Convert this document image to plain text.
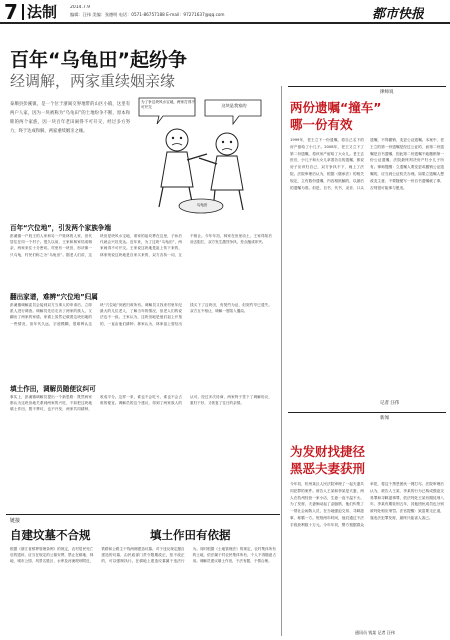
7 法制	2014.7.9
编辑：汪伟 美编：张德明 电话：0571-86757188 E-mail：97271637@qq.com	都市快报
百年“乌龟田”起纷争
经调解，两家重续姻亲缘
泰顺县彭溪镇，是一个位于浙闽交界地带的山区小镇，这里有两户人家，因为一块被称为“乌龟田”的土地纷争不断，原本和睦的两个家族，因一块百年老田闹得不可开交，经过多方努力，终于达成和解，两家重续姻亲之缘。
为了争这块风水宝地，两家打得不可开交	这块是我家的
乌龟田
百年“穴位地”，引发两个家族争端
彭溪镇一户姓王的人家和另一户姓林的人家，世代居住在同一个村子。很久以前，王家和林家结成姻亲，两家来往十分密切。村里有一块田，形状像一只乌龟，村民们称之为“乌龟田”。据老人们讲，这块田是块风水宝地，谁家的祖坟葬在这里，子孙后代就会兴旺发达。近年来，为了这块“乌龟田”，两家闹得不可开交。王家说这块地是祖上传下来的，林家则说这块地是自家买来的，双方各执一词，互不相让。今年年初，林家在田里动土，王家得知后前去阻拦，双方发生激烈争执，差点酿成冲突。
翻出家谱，难辨“穴位地”归属
彭溪镇调解委员会接到双方当事人的申请后，立即派人进行调查。调解员先后走访了两家的族人，又翻出了两家的家谱。家谱上虽然记载着这块田地的一些情况，但年代久远，字迹模糊，很难辨认这块“穴位地”到底归谁所有。调解员又找来村里年纪最大的几位老人，了解当年的情况，但老人们的说法也不一致。王家认为，这块田地是他们祖上开垦的，一直由他们耕种；林家认为，林家祖上曾经出钱买下了这块田，有契约为证，但契约早已遗失。双方互不相让，调解一度陷入僵局。
填土作田，调解员随便议纠可
事实上，彭溪镇调解员提出一个新思路：既然两家都认为这块田地关系到两家的兴旺，不如把这块地填土作田，既不葬坟，也不开发，两家共同耕种，收成平分。这样一来，谁也不会吃亏，谁也不会占谁的便宜。调解员的这个建议，得到了两家族人的认可。经过多次协商，两家终于签下了调解协议，重归于好，又恢复了往日的亲情。
链接
自建坟墓不合规	填土作田有依据
根据《浙江省殡葬管理条例》的规定，农村居民死亡后的遗体，应当在规定的公墓安葬，禁止在耕地、林地、城市公园、风景名胜区、水库及河流堤坝附近、铁路和公路主干线两侧建造坟墓。对于违反规定擅自建造的坟墓，由民政部门责令限期改正，拒不改正的，可以强制执行。在耕地上建造坟墓属于违法行为。同时根据《土地管理法》的规定，农村集体所有的土地，依法属于村农民集体所有，个人不得随意占用。调解员建议填土作田，于法有据，于情合理。
律师说
两份遗嘱“撞车”
哪一份有效
1999年，老王立下一份遗嘱，将自己名下的房产留给了小儿子。2008年，老王又立下了第二份遗嘱，将该房产留给了大女儿。老王去世后，小儿子和大女儿拿着各自的遗嘱，都说房子应该归自己，双方争执不下，闹上了法院。法院审理后认为，根据《继承法》的相关规定，立有数份遗嘱，内容相抵触的，以最后的遗嘱为准。但是，自书、代书、录音、口头遗嘱，不得撤销、变更公证遗嘱。本案中，老王立的第一份遗嘱是经过公证的，而第二份遗嘱是自书遗嘱，因此第二份遗嘱不能撤销第一份公证遗嘱，法院最终判决房产归小儿子所有。律师提醒：立遗嘱人要变更或撤销公证遗嘱的，应当到公证机关办理。如果立遗嘱人想改变主意，不要随便写一份自书遗嘱就了事，否则很可能事与愿违。
记者 汪伟
新闻
为发财找捷径
黑恶夫妻获刑
今年初，杭州某区人民法院审理了一起夫妻共同犯罪的案件。被告人王某和李某是夫妻，两人在杭州经营一家小店，生意一直不温不火。为了发财，夫妻俩动起了歪脑筋，他们纠集了一帮社会闲散人员，在当地强迫交易、寻衅滋事，称霸一方。短短两年时间，他们通过不法手段获利数十万元。今年年初，警方根据群众举报，将这个黑恶团伙一网打尽。法院审理后认为，被告人王某、李某的行为已构成强迫交易罪和寻衅滋事罪，依法判处王某有期徒刑八年，李某有期徒刑五年，其他团伙成员也分别被判处相应刑罚。法官提醒：致富要走正道，靠违法犯罪发财，最终只能害人害己。
通讯员 钱某 记者 汪伟
